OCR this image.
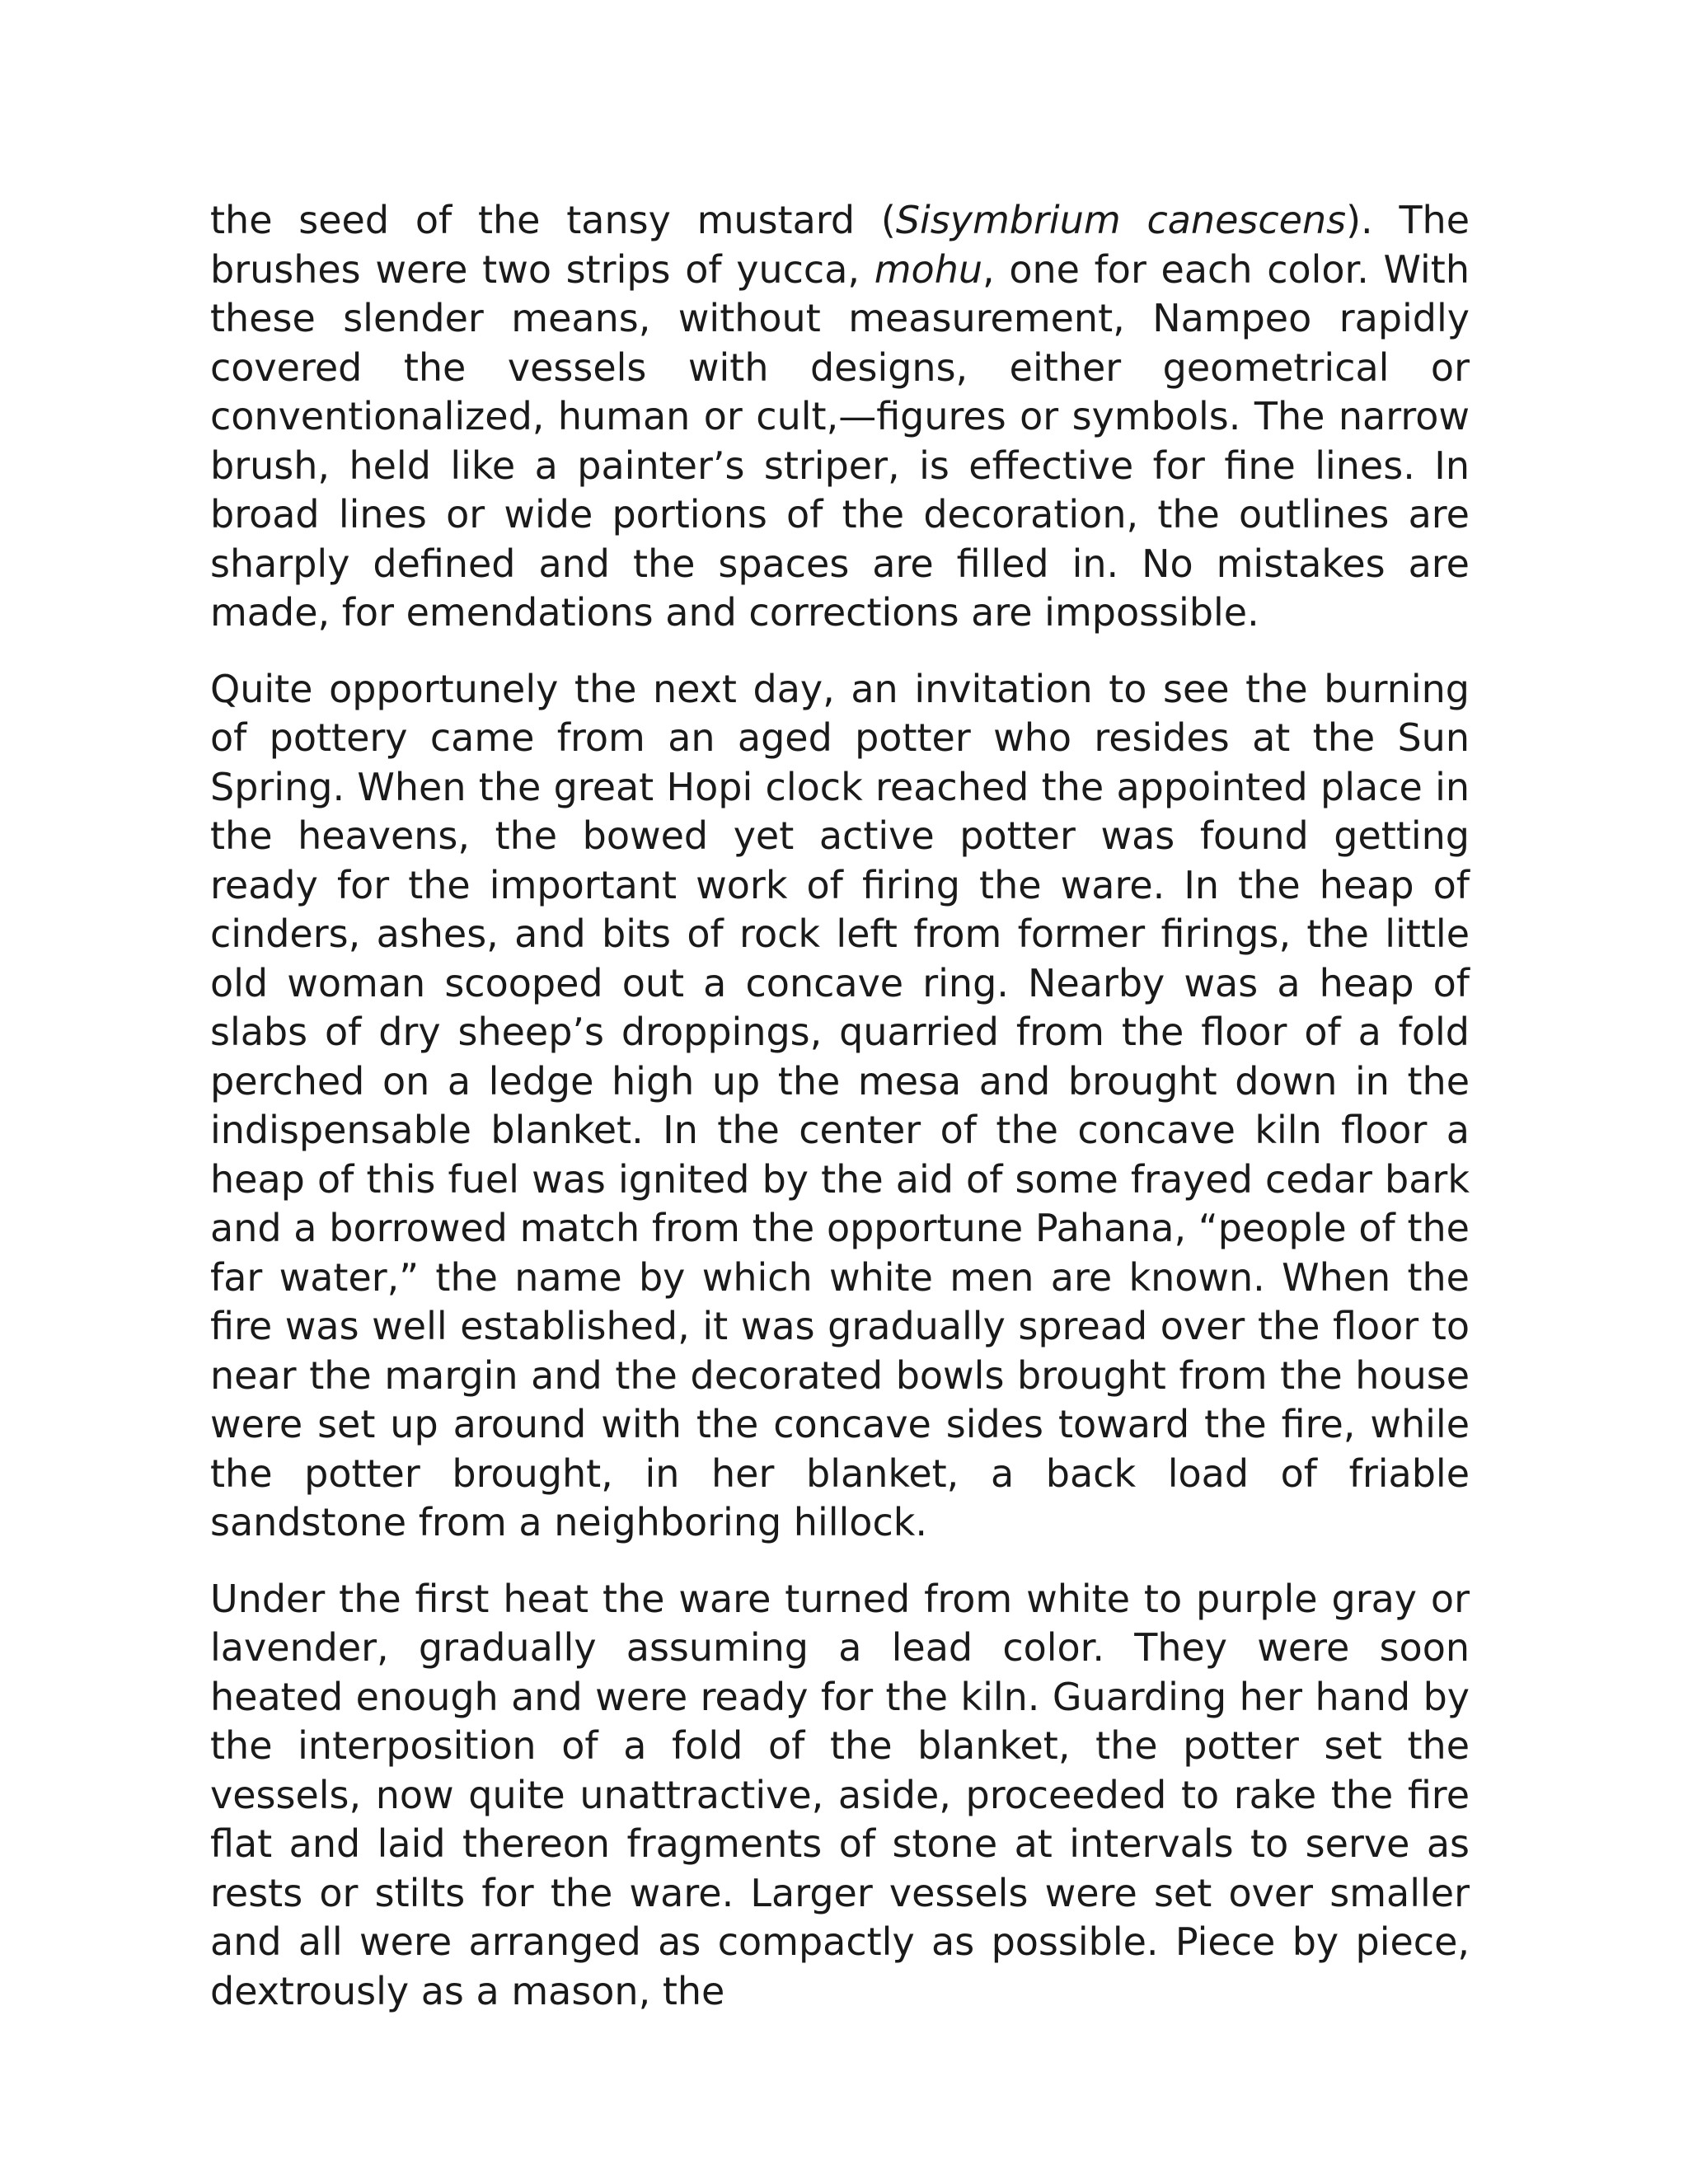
the seed of the tansy mustard (Sisymbrium canescens). The brushes were two strips of yucca, mohu, one for each color. With these slender means, without measurement, Nampeo rapidly covered the vessels with designs, either geometrical or conventionalized, human or cult,—figures or symbols. The narrow brush, held like a painter’s striper, is effective for fine lines. In broad lines or wide portions of the decoration, the outlines are sharply defined and the spaces are filled in. No mistakes are made, for emendations and corrections are impossible.

Quite opportunely the next day, an invitation to see the burning of pottery came from an aged potter who resides at the Sun Spring. When the great Hopi clock reached the appointed place in the heavens, the bowed yet active potter was found getting ready for the important work of firing the ware. In the heap of cinders, ashes, and bits of rock left from former firings, the little old woman scooped out a concave ring. Nearby was a heap of slabs of dry sheep’s droppings, quarried from the floor of a fold perched on a ledge high up the mesa and brought down in the indispensable blanket. In the center of the concave kiln floor a heap of this fuel was ignited by the aid of some frayed cedar bark and a borrowed match from the opportune Pahana, “people of the far water,” the name by which white men are known. When the fire was well established, it was gradually spread over the floor to near the margin and the decorated bowls brought from the house were set up around with the concave sides toward the fire, while the potter brought, in her blanket, a back load of friable sandstone from a neighboring hillock.

Under the first heat the ware turned from white to purple gray or lavender, gradually assuming a lead color. They were soon heated enough and were ready for the kiln. Guarding her hand by the interposition of a fold of the blanket, the potter set the vessels, now quite unattractive, aside, proceeded to rake the fire flat and laid thereon fragments of stone at intervals to serve as rests or stilts for the ware. Larger vessels were set over smaller and all were arranged as compactly as possible. Piece by piece, dextrously as a mason, the
